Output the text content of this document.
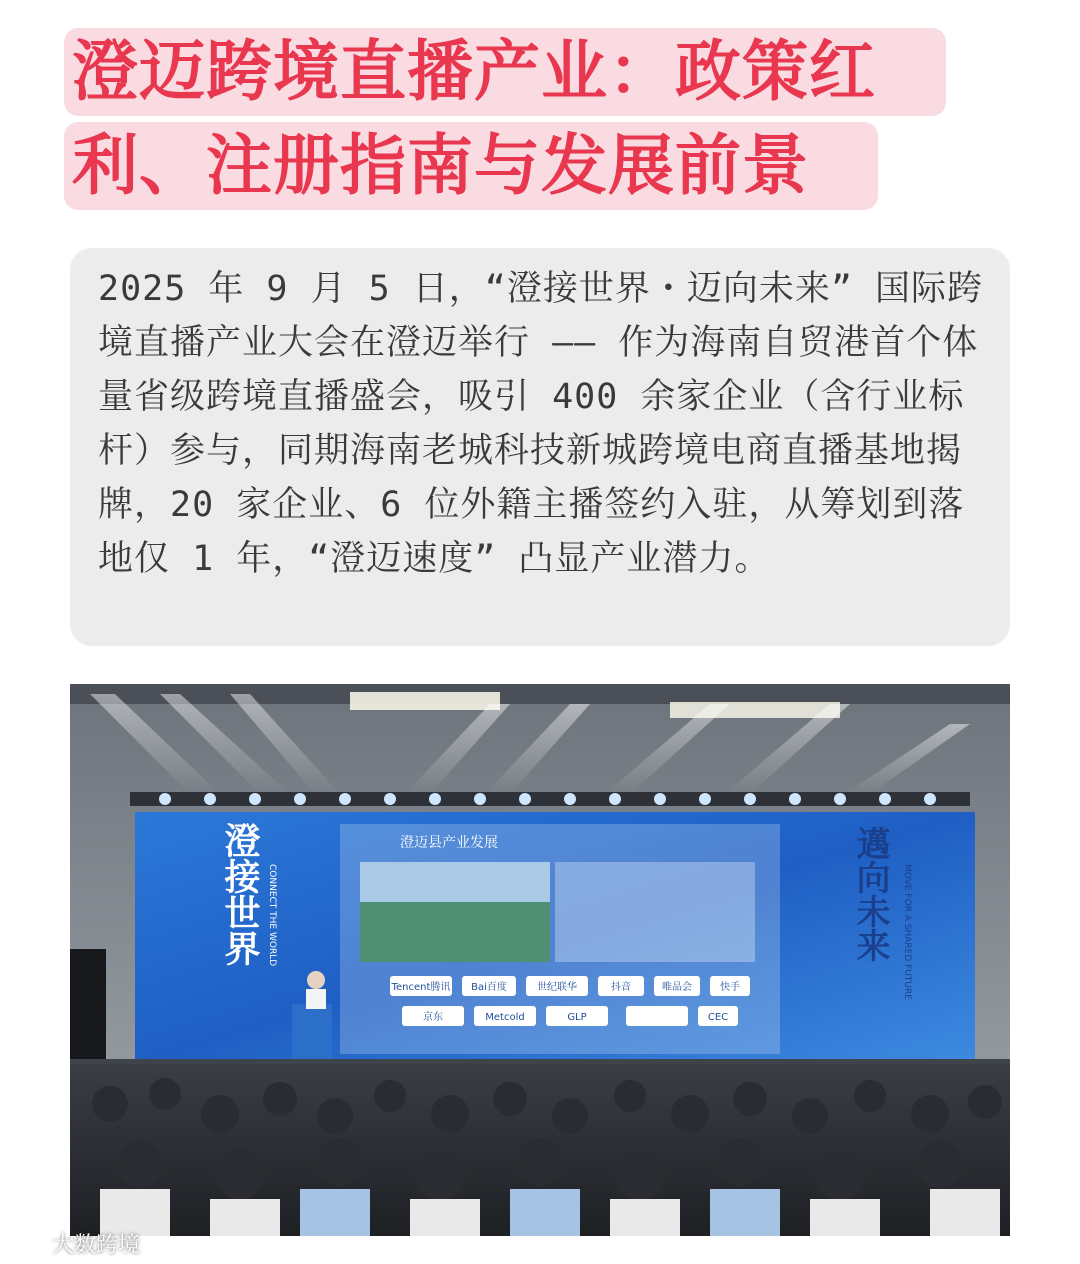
澄迈跨境直播产业：政策红
利、注册指南与发展前景
2025 年 9 月 5 日，“澄接世界・迈向未来” 国际跨境直播产业大会在澄迈举行 —— 作为海南自贸港首个体量省级跨境直播盛会，吸引 400 余家企业（含行业标杆）参与，同期海南老城科技新城跨境电商直播基地揭牌，20 家企业、6 位外籍主播签约入驻，从筹划到落地仅 1 年，“澄迈速度” 凸显产业潜力。
Tencent腾讯 Bai百度	世纪联华	抖音	唯品会	快手
京东	Metcold	GLP	CEC
澄迈县产业发展
澄接世界 CONNECT THE WORLD	邁向未来 MOVE FOR A SHARED FUTURE
大数跨境
